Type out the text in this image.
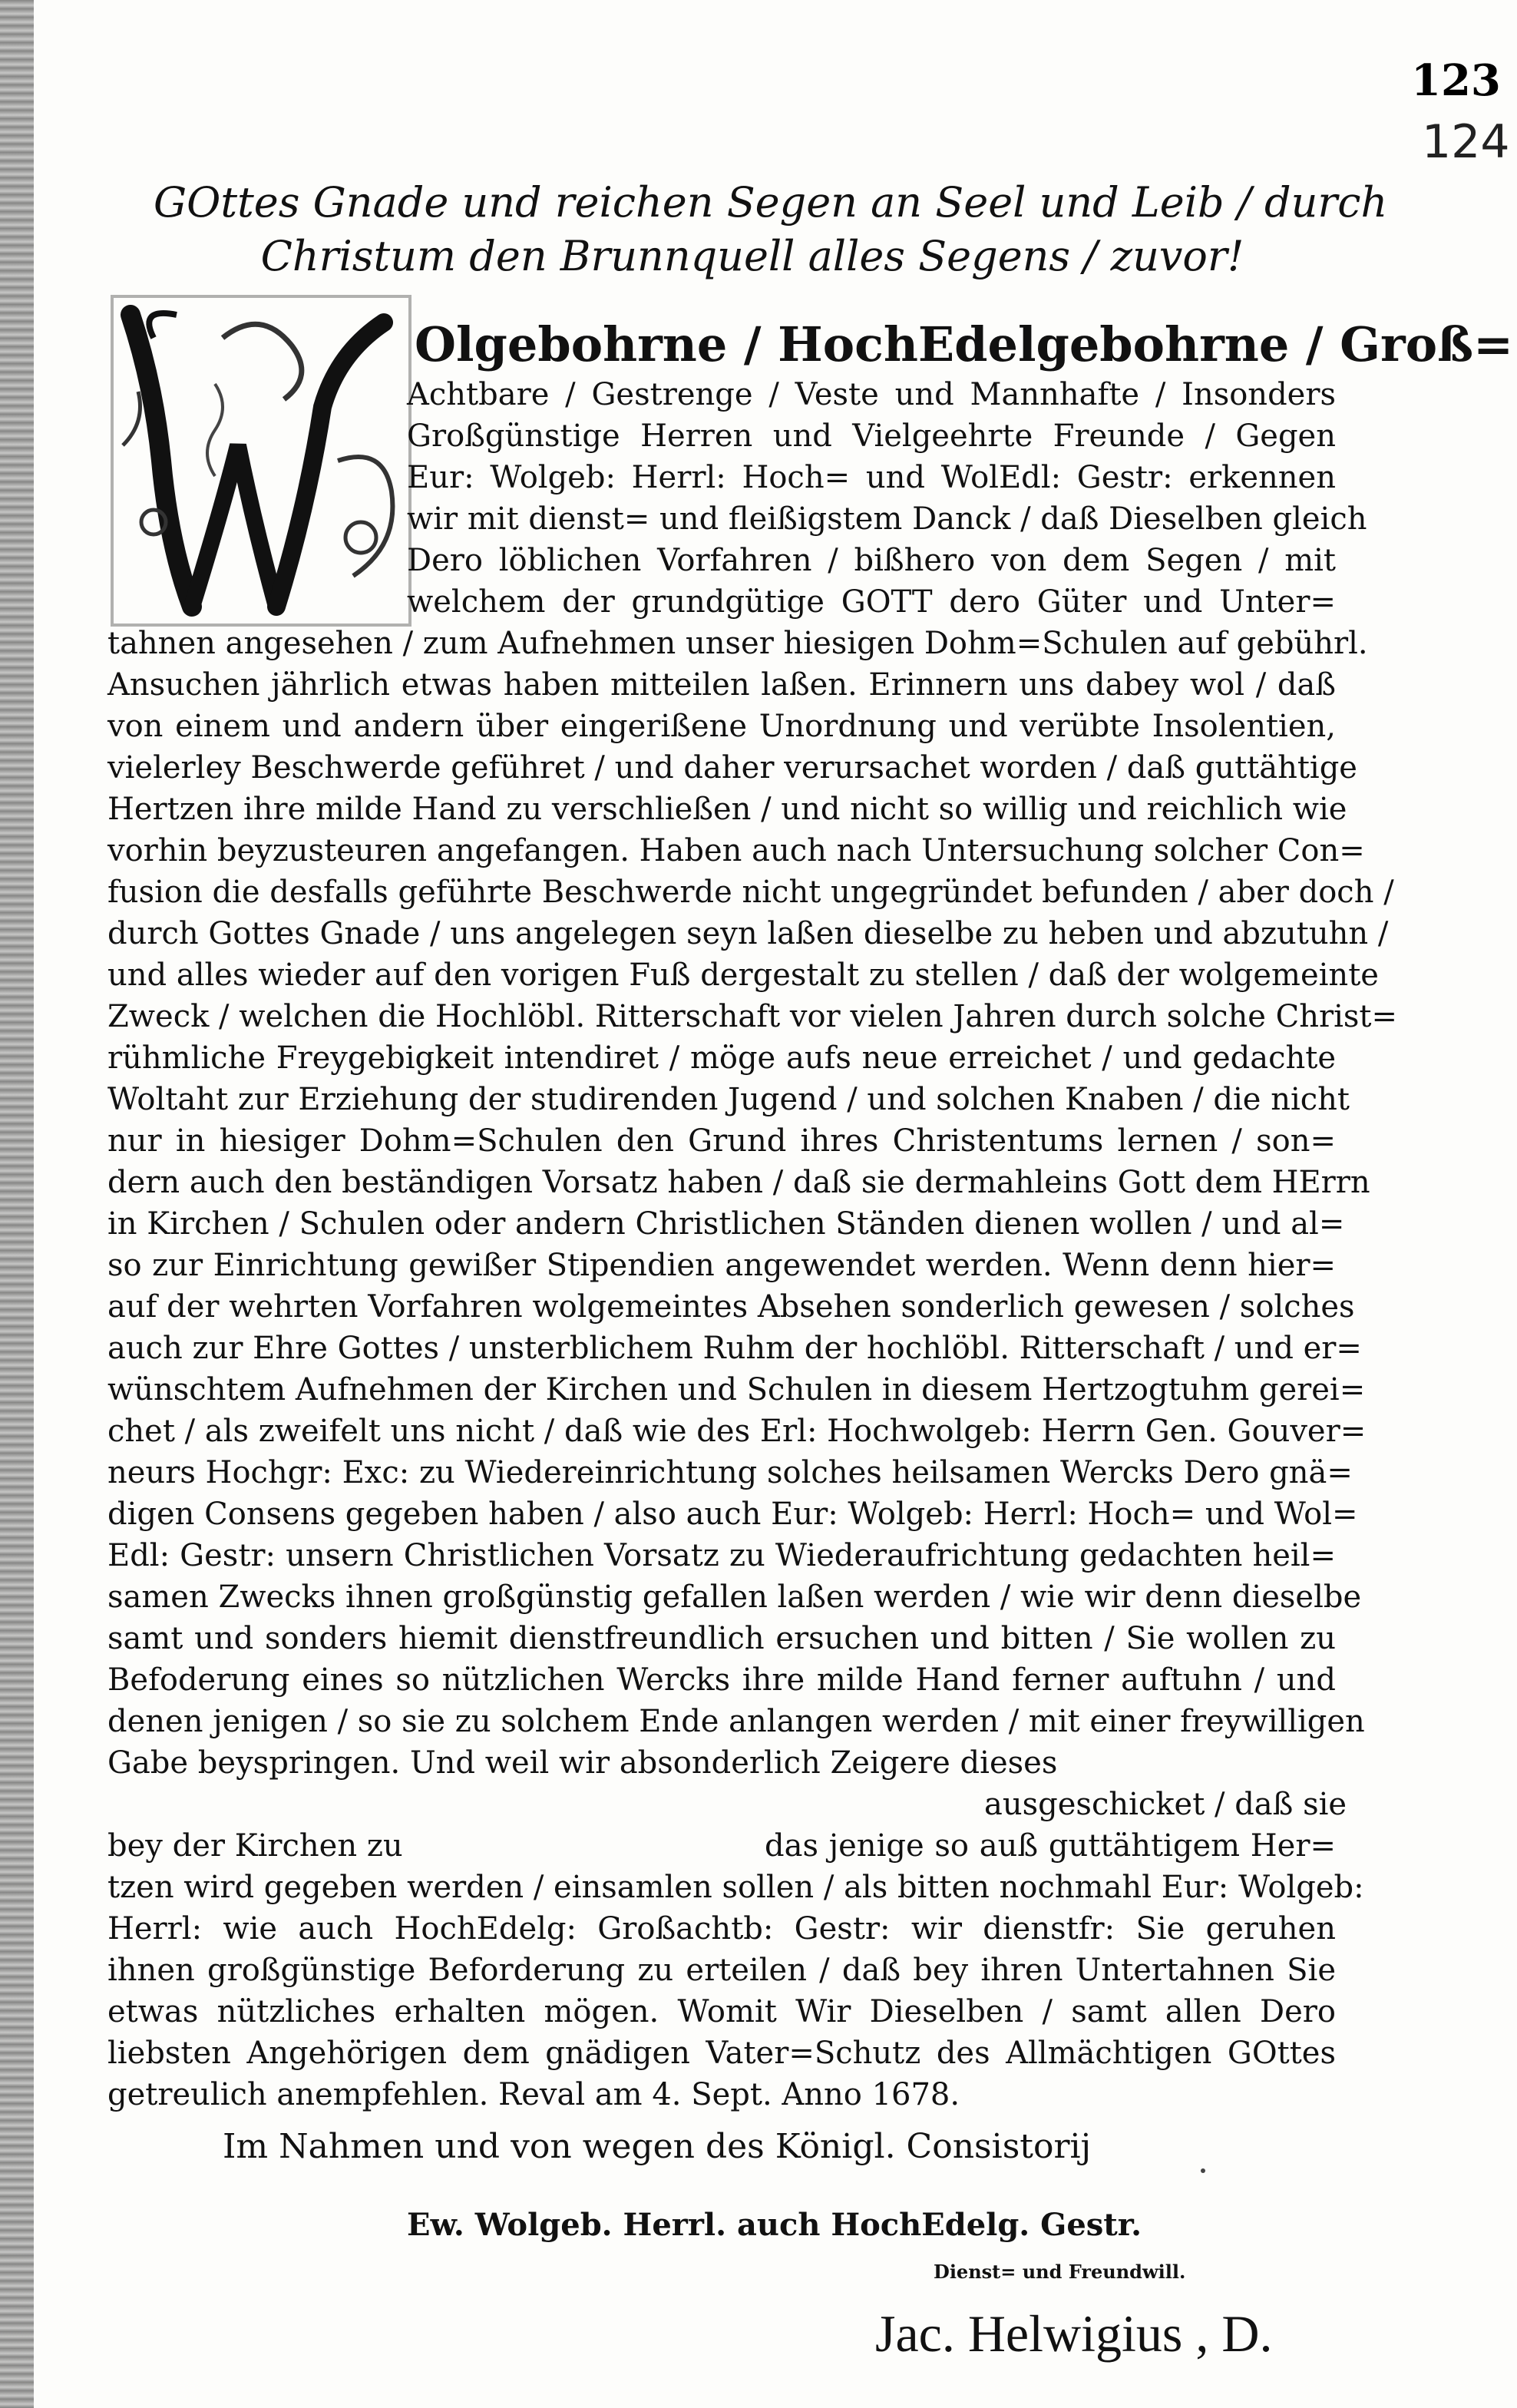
123
124
GOttes Gnade und reichen Segen an Seel und Leib / durch
Christum den Brunnquell alles Segens / zuvor!
Olgebohrne / HochEdelgebohrne / Groß=
Achtbare / Gestrenge / Veste und Mannhafte / Insonders
Großgünstige Herren und Vielgeehrte Freunde / Gegen
Eur: Wolgeb: Herrl: Hoch= und WolEdl: Gestr: erkennen
wir mit dienst= und fleißigstem Danck / daß Dieselben gleich
Dero löblichen Vorfahren / bißhero von dem Segen / mit
welchem der grundgütige GOTT dero Güter und Unter=
tahnen angesehen / zum Aufnehmen unser hiesigen Dohm=Schulen auf gebührl.
Ansuchen jährlich etwas haben mitteilen laßen. Erinnern uns dabey wol / daß
von einem und andern über eingerißene Unordnung und verübte Insolentien,
vielerley Beschwerde geführet / und daher verursachet worden / daß guttähtige
Hertzen ihre milde Hand zu verschließen / und nicht so willig und reichlich wie
vorhin beyzusteuren angefangen. Haben auch nach Untersuchung solcher Con=
fusion die desfalls geführte Beschwerde nicht ungegründet befunden / aber doch /
durch Gottes Gnade / uns angelegen seyn laßen dieselbe zu heben und abzutuhn /
und alles wieder auf den vorigen Fuß dergestalt zu stellen / daß der wolgemeinte
Zweck / welchen die Hochlöbl. Ritterschaft vor vielen Jahren durch solche Christ=
rühmliche Freygebigkeit intendiret / möge aufs neue erreichet / und gedachte
Woltaht zur Erziehung der studirenden Jugend / und solchen Knaben / die nicht
nur in hiesiger Dohm=Schulen den Grund ihres Christentums lernen / son=
dern auch den beständigen Vorsatz haben / daß sie dermahleins Gott dem HErrn
in Kirchen / Schulen oder andern Christlichen Ständen dienen wollen / und al=
so zur Einrichtung gewißer Stipendien angewendet werden. Wenn denn hier=
auf der wehrten Vorfahren wolgemeintes Absehen sonderlich gewesen / solches
auch zur Ehre Gottes / unsterblichem Ruhm der hochlöbl. Ritterschaft / und er=
wünschtem Aufnehmen der Kirchen und Schulen in diesem Hertzogtuhm gerei=
chet / als zweifelt uns nicht / daß wie des Erl: Hochwolgeb: Herrn Gen. Gouver=
neurs Hochgr: Exc: zu Wiedereinrichtung solches heilsamen Wercks Dero gnä=
digen Consens gegeben haben / also auch Eur: Wolgeb: Herrl: Hoch= und Wol=
Edl: Gestr: unsern Christlichen Vorsatz zu Wiederaufrichtung gedachten heil=
samen Zwecks ihnen großgünstig gefallen laßen werden / wie wir denn dieselbe
samt und sonders hiemit dienstfreundlich ersuchen und bitten / Sie wollen zu
Befoderung eines so nützlichen Wercks ihre milde Hand ferner auftuhn / und
denen jenigen / so sie zu solchem Ende anlangen werden / mit einer freywilligen
Gabe beyspringen. Und weil wir absonderlich Zeigere dieses
ausgeschicket / daß sie
bey der Kirchen zu	das jenige so auß guttähtigem Her=
tzen wird gegeben werden / einsamlen sollen / als bitten nochmahl Eur: Wolgeb:
Herrl: wie auch HochEdelg: Großachtb: Gestr: wir dienstfr: Sie geruhen
ihnen großgünstige Beforderung zu erteilen / daß bey ihren Untertahnen Sie
etwas nützliches erhalten mögen. Womit Wir Dieselben / samt allen Dero
liebsten Angehörigen dem gnädigen Vater=Schutz des Allmächtigen GOttes
getreulich anempfehlen. Reval am 4. Sept. Anno 1678.
Im Nahmen und von wegen des Königl. Consistorij
Ew. Wolgeb. Herrl. auch HochEdelg. Gestr.
Dienst= und Freundwill.
Jac. Helwigius , D.
